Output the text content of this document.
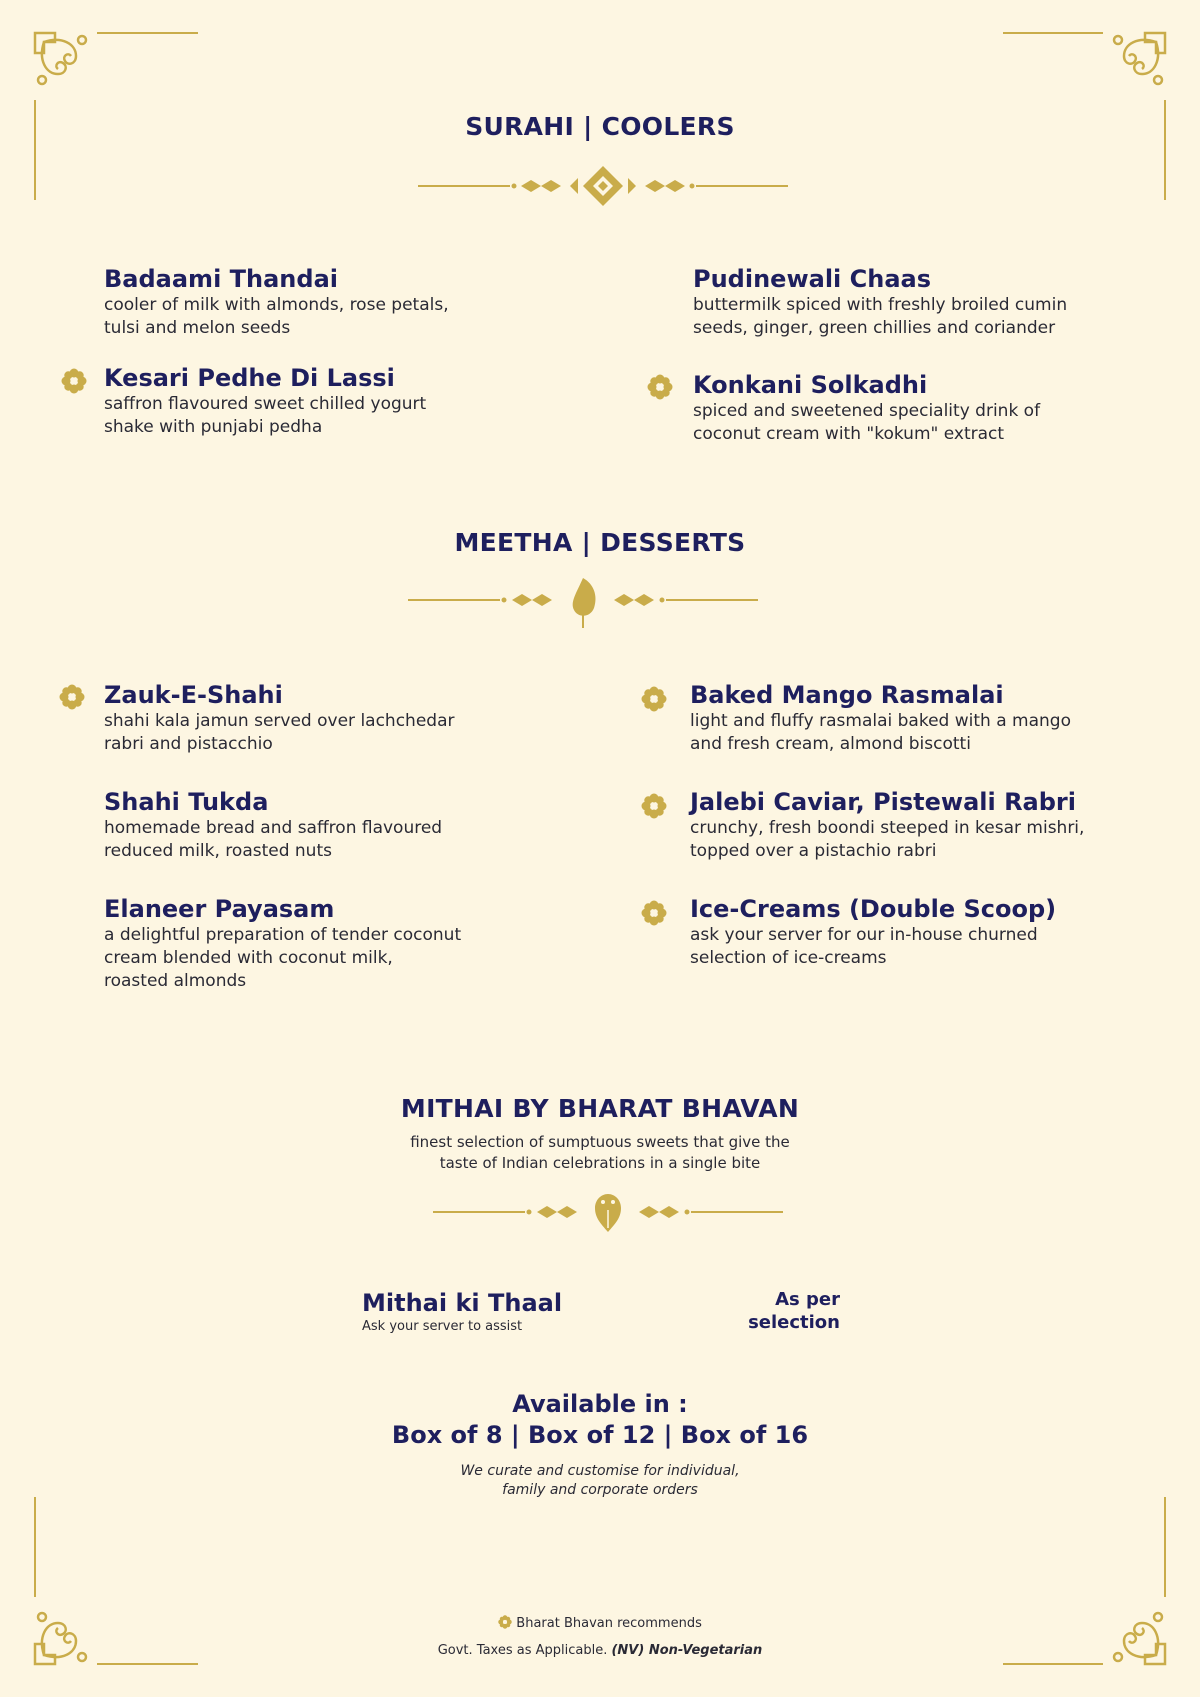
SURAHI | COOLERS
Badaami Thandai
cooler of milk with almonds, rose petals,
tulsi and melon seeds
Kesari Pedhe Di Lassi
saffron flavoured sweet chilled yogurt
shake with punjabi pedha
Pudinewali Chaas
buttermilk spiced with freshly broiled cumin
seeds, ginger, green chillies and coriander
Konkani Solkadhi
spiced and sweetened speciality drink of
coconut cream with "kokum" extract
MEETHA | DESSERTS
Zauk-E-Shahi
shahi kala jamun served over lachchedar
rabri and pistacchio
Shahi Tukda
homemade bread and saffron flavoured
reduced milk, roasted nuts
Elaneer Payasam
a delightful preparation of tender coconut
cream blended with coconut milk,
roasted almonds
Baked Mango Rasmalai
light and fluffy rasmalai baked with a mango
and fresh cream, almond biscotti
Jalebi Caviar, Pistewali Rabri
crunchy, fresh boondi steeped in kesar mishri,
topped over a pistachio rabri
Ice-Creams (Double Scoop)
ask your server for our in-house churned
selection of ice-creams
MITHAI BY BHARAT BHAVAN
finest selection of sumptuous sweets that give the
taste of Indian celebrations in a single bite
Mithai ki Thaal
Ask your server to assist
As per
selection
Available in :
Box of 8 | Box of 12 | Box of 16
We curate and customise for individual,
family and corporate orders
Bharat Bhavan recommends
Govt. Taxes as Applicable. (NV) Non-Vegetarian
